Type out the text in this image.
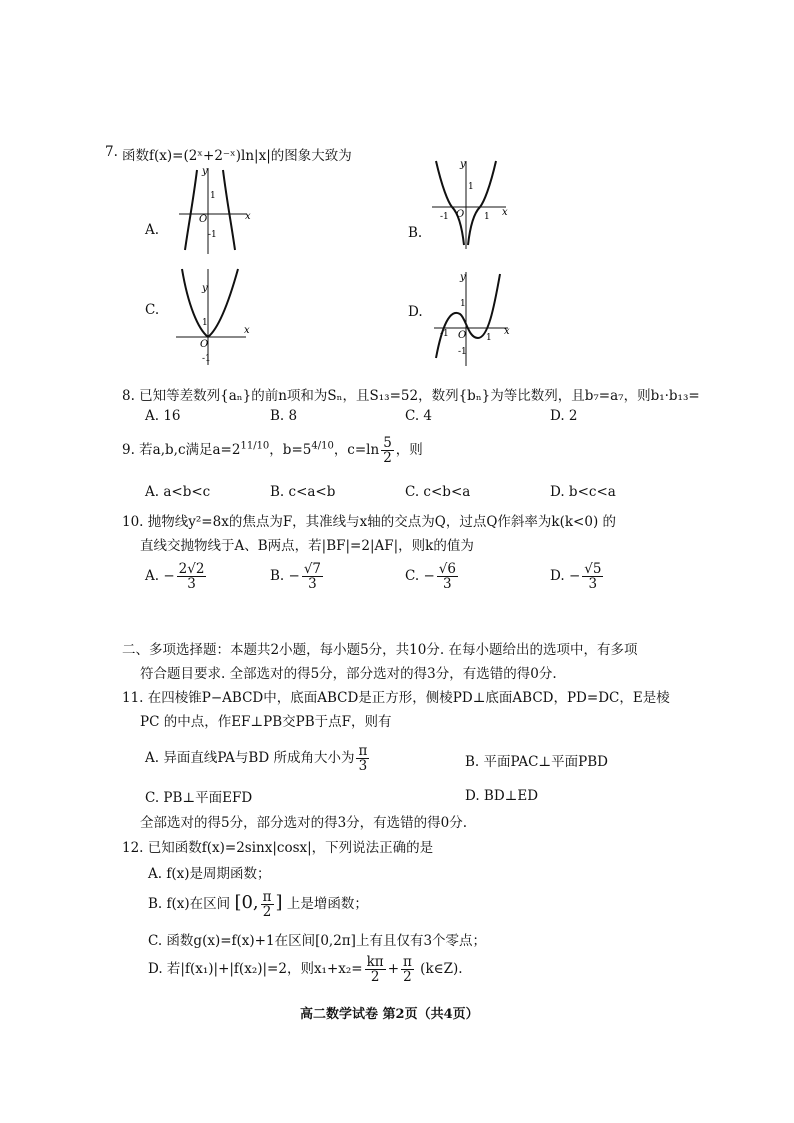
函数f(x)=(2ˣ+2⁻ˣ)ln|x|的图象大致为
7.
A.
x
y
O
1
-1	B.
x
y
O
1
-1	1
C.
x
y
O
1
-1
D.
x
y
O
1
-1	1
-1
8. 已知等差数列{aₙ}的前n项和为Sₙ，且S₁₃=52，数列{bₙ}为等比数列，且b₇=a₇，则b₁·b₁₃=
A. 16	B. 8	C. 4	D. 2
9. 若a,b,c满足$a=2^{11/10}$，$b=5^{4/10}$，$c=\ln \frac{5}{2}$ ，则
A. a<b<c	B. c<a<b	C. c<b<a	D. b<c<a
10. 抛物线y²=8x的焦点为F，其准线与x轴的交点为Q，过点Q作斜率为k(k<0) 的
直线交抛物线于A、B两点，若|BF|=2|AF|，则k的值为
A. − $\frac{2√2}{3}$	B. − $\frac{√7}{3}$	C. − $\frac{√6}{3}$	D. − $\frac{√5}{3}$
二、多项选择题：本题共2小题，每小题5分，共10分. 在每小题给出的选项中，有多项
符合题目要求. 全部选对的得5分，部分选对的得3分，有选错的得0分.
11. 在四棱锥P−ABCD中，底面ABCD是正方形，侧棱PD⊥底面ABCD，PD=DC，E是棱
PC 的中点，作EF⊥PB交PB于点F，则有
A. 异面直线PA与BD 所成角大小为 $\frac{\pi}{3}$	B. 平面PAC⊥平面PBD
C. PB⊥平面EFD	D. BD⊥ED
全部选对的得5分，部分选对的得3分，有选错的得0分.
12. 已知函数f(x)=2sinx|cosx|，下列说法正确的是
A. f(x)是周期函数；
B. f(x)在区间 [0, $\frac{\pi}{2}$ ] 上是增函数；
C. 函数g(x)=f(x)+1在区间[0,2π]上有且仅有3个零点；
D. 若|f(x₁)|+|f(x₂)|=2，则$x_1+x_2= \frac{k\pi}{2} + \frac{\pi}{2}$ (k∈Z).
高二数学试卷 第2页（共4页）
